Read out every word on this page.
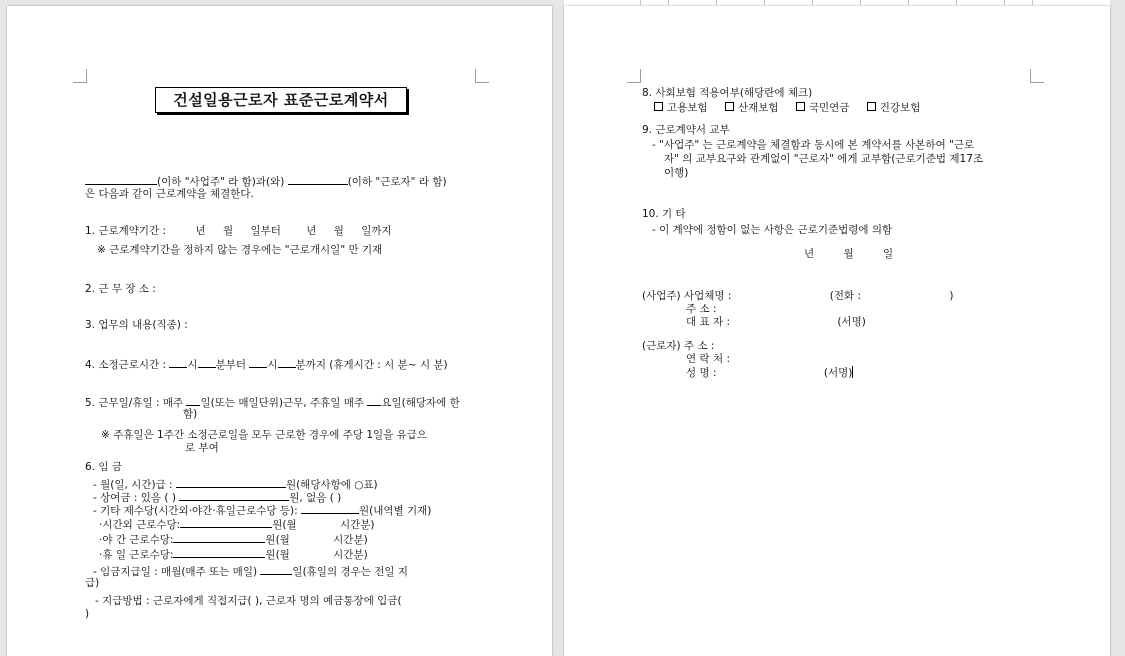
건설일용근로자 표준근로계약서
(이하 "사업주" 라 함)과(와)	(이하 "근로자" 라 함)
은 다음과 같이 근로계약을 체결한다.
1. 근로계약기간 :	년 월 일부터 년 월 일까지
※ 근로계약기간을 정하지 않는 경우에는 "근로개시일" 만 기재
2. 근 무 장 소 :
3. 업무의 내용(직종) :
4. 소정근로시간 : 시 분부터 시 분까지 (휴게시간 : 시 분~ 시 분)
5. 근무일/휴일 : 매주 일(또는 매일단위)근무, 주휴일 매주 요일(해당자에 한
함)
※ 주휴일은 1주간 소정근로일을 모두 근로한 경우에 주당 1일을 유급으
로 부여
6. 임 금
- 월(일, 시간)급 :	원(해당사항에 ○표)
- 상여금 : 있음 ( )	원, 없음 ( )
- 기타 제수당(시간외·야간·휴일근로수당 등):	원(내역별 기재)
·시간외 근로수당:	원(월	시간분)
·야 간 근로수당:	원(월	시간분)
·휴 일 근로수당:	원(월	시간분)
- 임금지급일 : 매월(매주 또는 매일)	일(휴일의 경우는 전일 지
급)
- 지급방법 : 근로자에게 직접지급( ), 근로자 명의 예금통장에 입금(
)
8. 사회보험 적용여부(해당란에 체크)
고용보험	산재보험	국민연금	건강보험
9. 근로계약서 교부
- "사업주" 는 근로계약을 체결함과 동시에 본 계약서를 사본하여 "근로
자" 의 교부요구와 관계없이 "근로자" 에게 교부함(근로기준법 제17조
이행)
10. 기 타
- 이 계약에 정함이 없는 사항은 근로기준법령에 의함
년	월	일
(사업주) 사업체명 :	(전화 :	)
주 소 :
대 표 자 :	(서명)
(근로자) 주 소 :
연 락 처 :
성 명 :	(서명)
